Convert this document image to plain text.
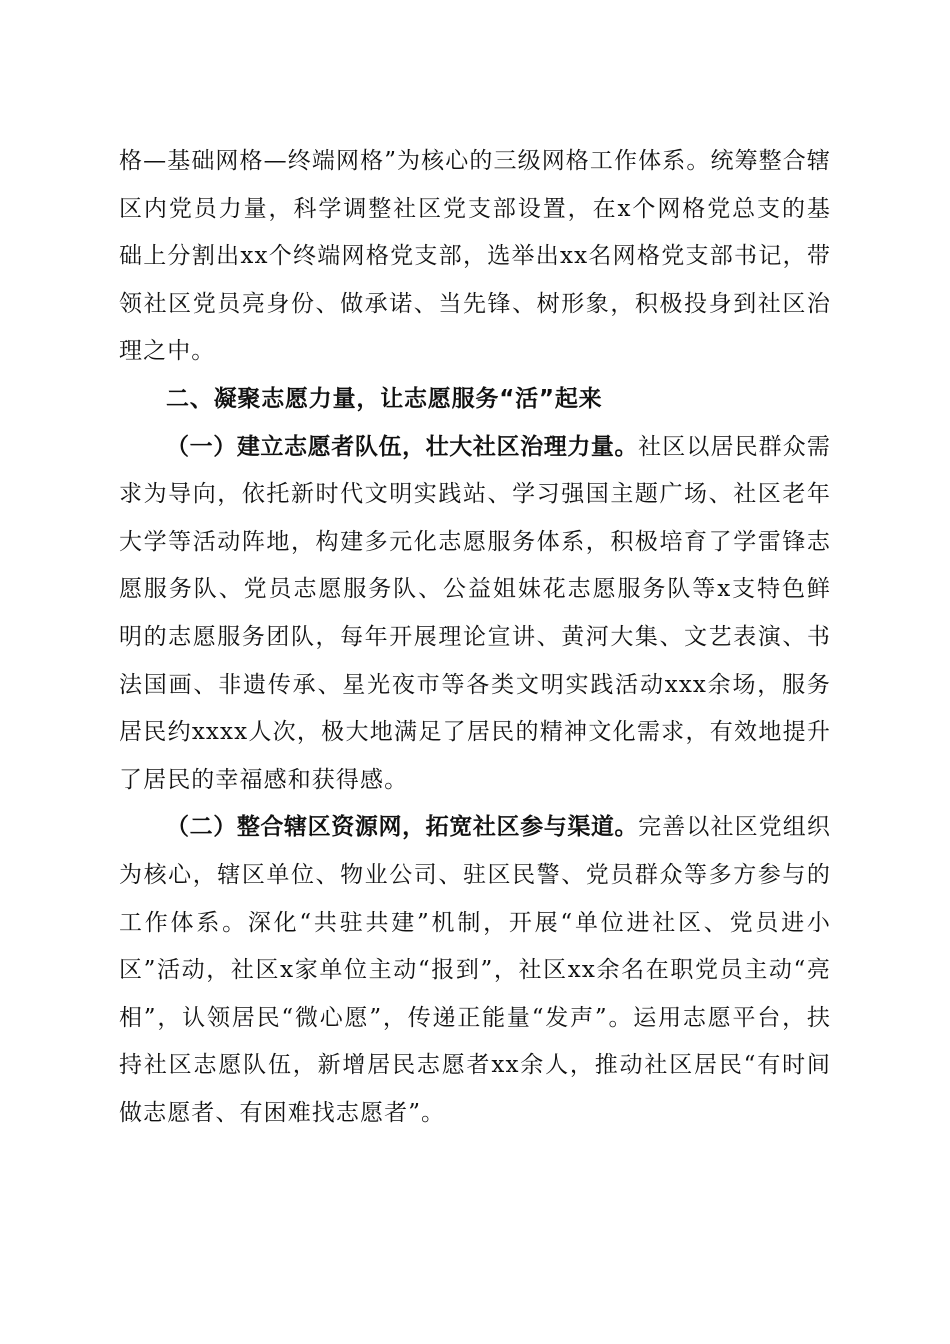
格—基础网格—终端网格”为核心的三级网格工作体系。统筹整合辖区内党员力量，科学调整社区党支部设置，在x个网格党总支的基础上分割出xx个终端网格党支部，选举出xx名网格党支部书记，带领社区党员亮身份、做承诺、当先锋、树形象，积极投身到社区治理之中。

二、凝聚志愿力量，让志愿服务“活”起来

（一）建立志愿者队伍，壮大社区治理力量。社区以居民群众需求为导向，依托新时代文明实践站、学习强国主题广场、社区老年大学等活动阵地，构建多元化志愿服务体系，积极培育了学雷锋志愿服务队、党员志愿服务队、公益姐妹花志愿服务队等x支特色鲜明的志愿服务团队，每年开展理论宣讲、黄河大集、文艺表演、书法国画、非遗传承、星光夜市等各类文明实践活动xxx余场，服务居民约xxxx人次，极大地满足了居民的精神文化需求，有效地提升了居民的幸福感和获得感。

（二）整合辖区资源网，拓宽社区参与渠道。完善以社区党组织为核心，辖区单位、物业公司、驻区民警、党员群众等多方参与的工作体系。深化“共驻共建”机制，开展“单位进社区、党员进小区”活动，社区x家单位主动“报到”，社区xx余名在职党员主动“亮相”，认领居民“微心愿”，传递正能量“发声”。运用志愿平台，扶持社区志愿队伍，新增居民志愿者xx余人，推动社区居民“有时间做志愿者、有困难找志愿者”。
